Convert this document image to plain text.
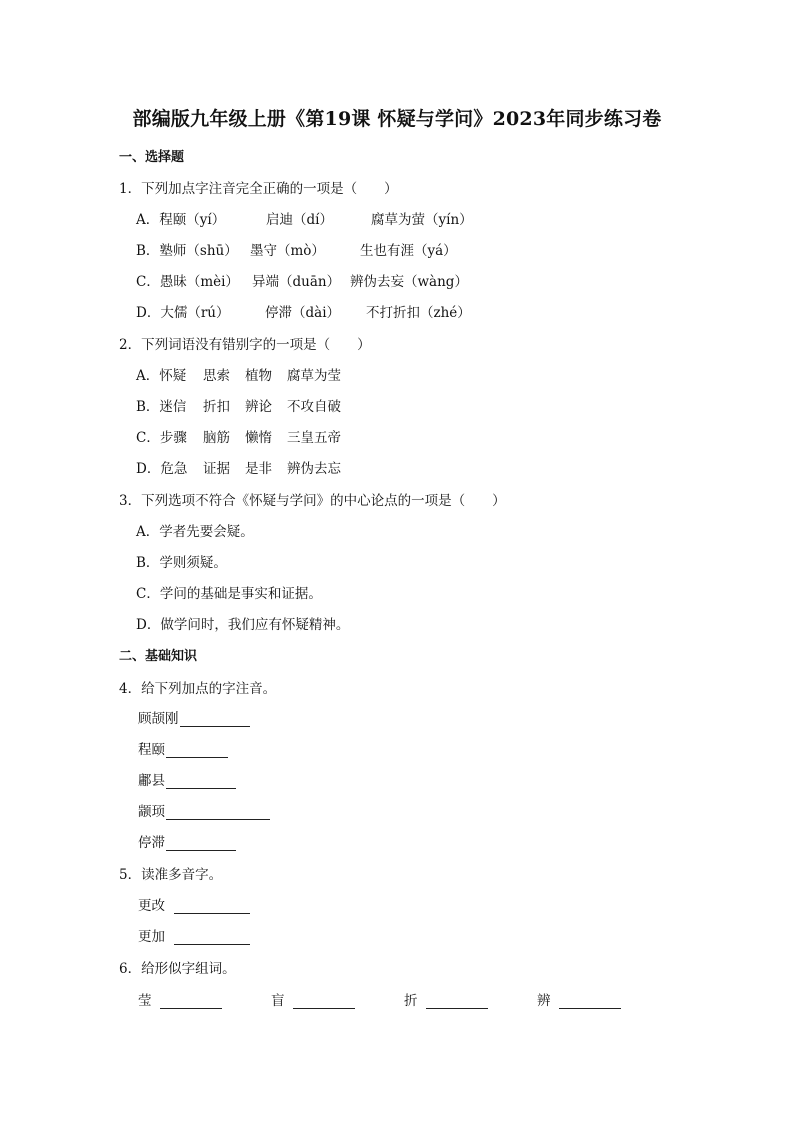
部编版九年级上册《第19课 怀疑与学问》2023年同步练习卷
一、选择题
1．下列加点字注音完全正确的一项是（　　）
A．程颐（yí）	启迪（dí）	腐草为萤（yín）
B．塾师（shū） 墨守（mò）	生也有涯（yá）
C．愚昧（mèi） 异端（duān） 辨伪去妄（wàng）
D．大儒（rú）	停滞（dài） 不打折扣（zhé）
2．下列词语没有错别字的一项是（　　）
A．怀疑 思索 植物 腐草为莹
B．迷信 折扣 辨论 不攻自破
C．步骤 脑筋 懒惰 三皇五帝
D．危急 证据 是非 辨伪去忘
3．下列选项不符合《怀疑与学问》的中心论点的一项是（　　）
A．学者先要会疑。
B．学则须疑。
C．学问的基础是事实和证据。
D．做学问时，我们应有怀疑精神。
二、基础知识
4．给下列加点的字注音。
顾颉刚
程颐
鄘县
颛顼
停滞
5．读准多音字。
更改
更加
6．给形似字组词。
莹	盲	折	辨
